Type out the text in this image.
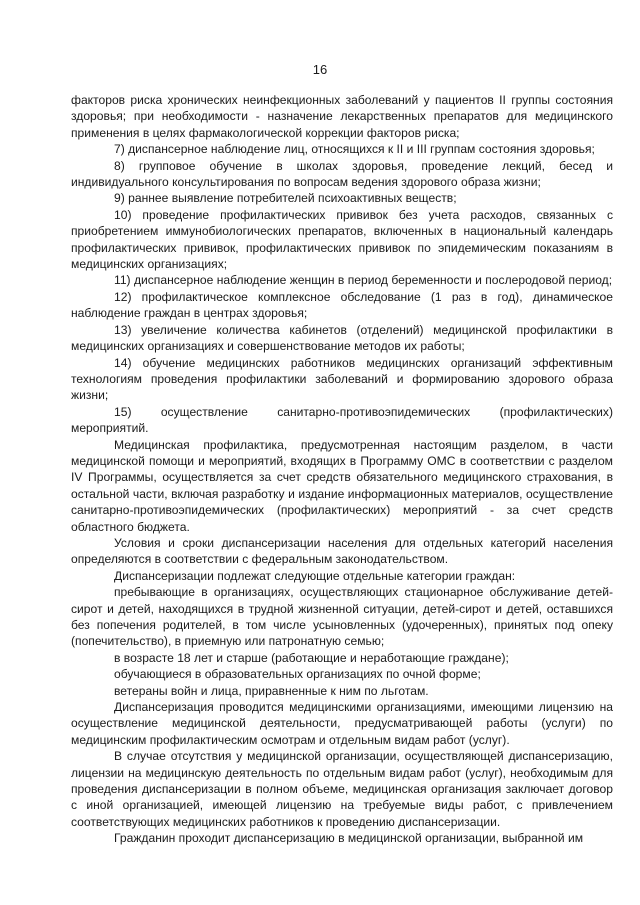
16

факторов риска хронических неинфекционных заболеваний у пациентов II группы состояния здоровья; при необходимости - назначение лекарственных препаратов для медицинского применения в целях фармакологической коррекции факторов риска;

7) диспансерное наблюдение лиц, относящихся к II и III группам состояния здоровья;

8) групповое обучение в школах здоровья, проведение лекций, бесед и индивидуального консультирования по вопросам ведения здорового образа жизни;

9) раннее выявление потребителей психоактивных веществ;

10) проведение профилактических прививок без учета расходов, связанных с приобретением иммунобиологических препаратов, включенных в национальный календарь профилактических прививок, профилактических прививок по эпидемическим показаниям в медицинских организациях;

11) диспансерное наблюдение женщин в период беременности и послеродовой период;

12) профилактическое комплексное обследование (1 раз в год), динамическое наблюдение граждан в центрах здоровья;

13) увеличение количества кабинетов (отделений) медицинской профилактики в медицинских организациях и совершенствование методов их работы;

14) обучение медицинских работников медицинских организаций эффективным технологиям проведения профилактики заболеваний и формированию здорового образа жизни;

15) осуществление санитарно-противоэпидемических (профилактических) мероприятий.

Медицинская профилактика, предусмотренная настоящим разделом, в части медицинской помощи и мероприятий, входящих в Программу ОМС в соответствии с разделом IV Программы, осуществляется за счет средств обязательного медицинского страхования, в остальной части, включая разработку и издание информационных материалов, осуществление санитарно-противоэпидемических (профилактических) мероприятий - за счет средств областного бюджета.

Условия и сроки диспансеризации населения для отдельных категорий населения определяются в соответствии с федеральным законодательством.

Диспансеризации подлежат следующие отдельные категории граждан:

пребывающие в организациях, осуществляющих стационарное обслуживание детей-сирот и детей, находящихся в трудной жизненной ситуации, детей-сирот и детей, оставшихся без попечения родителей, в том числе усыновленных (удочеренных), принятых под опеку (попечительство), в приемную или патронатную семью;

в возрасте 18 лет и старше (работающие и неработающие граждане);

обучающиеся в образовательных организациях по очной форме;

ветераны войн и лица, приравненные к ним по льготам.

Диспансеризация проводится медицинскими организациями, имеющими лицензию на осуществление медицинской деятельности, предусматривающей работы (услуги) по медицинским профилактическим осмотрам и отдельным видам работ (услуг).

В случае отсутствия у медицинской организации, осуществляющей диспансеризацию, лицензии на медицинскую деятельность по отдельным видам работ (услуг), необходимым для проведения диспансеризации в полном объеме, медицинская организация заключает договор с иной организацией, имеющей лицензию на требуемые виды работ, с привлечением соответствующих медицинских работников к проведению диспансеризации.

Гражданин проходит диспансеризацию в медицинской организации, выбранной им
